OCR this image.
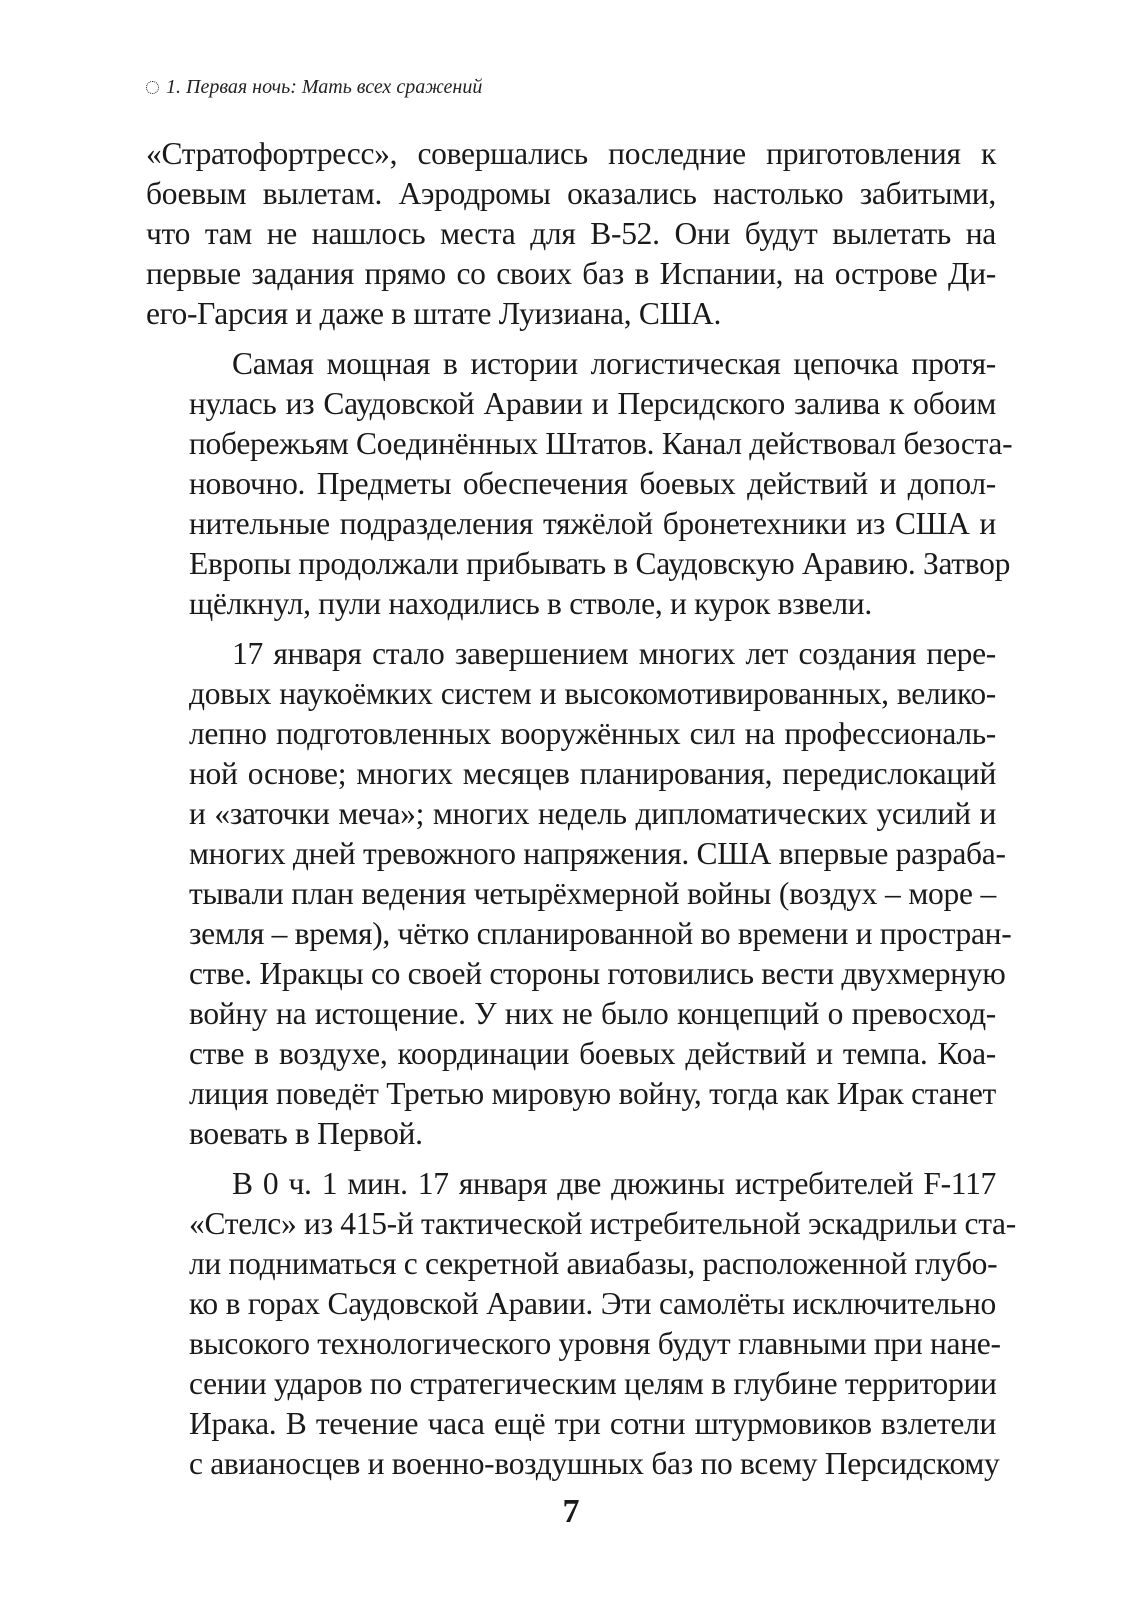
1. Первая ночь: Мать всех сражений
«Стратофортресс», совершались последние приготовления к
боевым вылетам. Аэродромы оказались настолько забитыми,
что там не нашлось места для B-52. Они будут вылетать на
первые задания прямо со своих баз в Испании, на острове Ди-
его-Гарсия и даже в штате Луизиана, США.
Самая мощная в истории логистическая цепочка протя-
нулась из Саудовской Аравии и Персидского залива к обоим
побережьям Соединённых Штатов. Канал действовал безоста-
новочно. Предметы обеспечения боевых действий и допол-
нительные подразделения тяжёлой бронетехники из США и
Европы продолжали прибывать в Саудовскую Аравию. Затвор
щёлкнул, пули находились в стволе, и курок взвели.
17 января стало завершением многих лет создания пере-
довых наукоёмких систем и высокомотивированных, велико-
лепно подготовленных вооружённых сил на профессиональ-
ной основе; многих месяцев планирования, передислокаций
и «заточки меча»; многих недель дипломатических усилий и
многих дней тревожного напряжения. США впервые разраба-
тывали план ведения четырёхмерной войны (воздух – море –
земля – время), чётко спланированной во времени и простран-
стве. Иракцы со своей стороны готовились вести двухмерную
войну на истощение. У них не было концепций о превосход-
стве в воздухе, координации боевых действий и темпа. Коа-
лиция поведёт Третью мировую войну, тогда как Ирак станет
воевать в Первой.
В 0 ч. 1 мин. 17 января две дюжины истребителей F-117
«Стелс» из 415-й тактической истребительной эскадрильи ста-
ли подниматься с секретной авиабазы, расположенной глубо-
ко в горах Саудовской Аравии. Эти самолёты исключительно
высокого технологического уровня будут главными при нане-
сении ударов по стратегическим целям в глубине территории
Ирака. В течение часа ещё три сотни штурмовиков взлетели
с авианосцев и военно-воздушных баз по всему Персидскому
7
